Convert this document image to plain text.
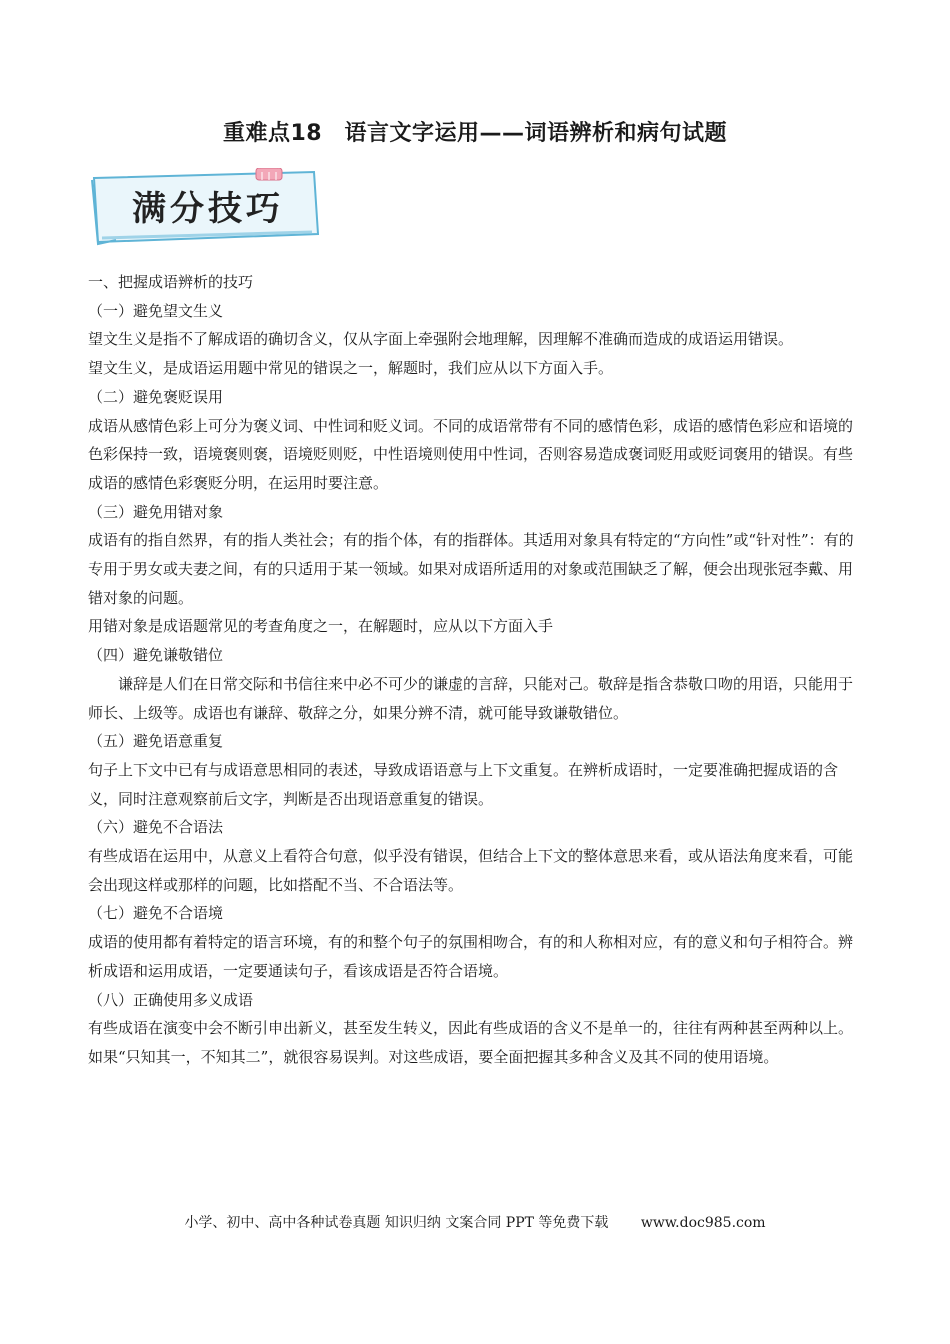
重难点18　语言文字运用——词语辨析和病句试题
满分技巧

一、把握成语辨析的技巧

（一）避免望文生义

望文生义是指不了解成语的确切含义，仅从字面上牵强附会地理解，因理解不准确而造成的成语运用错误。

望文生义，是成语运用题中常见的错误之一，解题时，我们应从以下方面入手。

（二）避免褒贬误用

成语从感情色彩上可分为褒义词、中性词和贬义词。不同的成语常带有不同的感情色彩，成语的感情色彩应和语境的色彩保持一致，语境褒则褒，语境贬则贬，中性语境则使用中性词，否则容易造成褒词贬用或贬词褒用的错误。有些成语的感情色彩褒贬分明，在运用时要注意。

（三）避免用错对象

成语有的指自然界，有的指人类社会；有的指个体，有的指群体。其适用对象具有特定的“方向性”或“针对性”：有的专用于男女或夫妻之间，有的只适用于某一领域。如果对成语所适用的对象或范围缺乏了解，便会出现张冠李戴、用错对象的问题。

用错对象是成语题常见的考查角度之一，在解题时，应从以下方面入手

（四）避免谦敬错位

谦辞是人们在日常交际和书信往来中必不可少的谦虚的言辞，只能对己。敬辞是指含恭敬口吻的用语，只能用于师长、上级等。成语也有谦辞、敬辞之分，如果分辨不清，就可能导致谦敬错位。

（五）避免语意重复

句子上下文中已有与成语意思相同的表述，导致成语语意与上下文重复。在辨析成语时，一定要准确把握成语的含义，同时注意观察前后文字，判断是否出现语意重复的错误。

（六）避免不合语法

有些成语在运用中，从意义上看符合句意，似乎没有错误，但结合上下文的整体意思来看，或从语法角度来看，可能会出现这样或那样的问题，比如搭配不当、不合语法等。

（七）避免不合语境

成语的使用都有着特定的语言环境，有的和整个句子的氛围相吻合，有的和人称相对应，有的意义和句子相符合。辨析成语和运用成语，一定要通读句子，看该成语是否符合语境。

（八）正确使用多义成语

有些成语在演变中会不断引申出新义，甚至发生转义，因此有些成语的含义不是单一的，往往有两种甚至两种以上。如果“只知其一，不知其二”，就很容易误判。对这些成语，要全面把握其多种含义及其不同的使用语境。

小学、初中、高中各种试卷真题 知识归纳 文案合同 PPT 等免费下载 www.doc985.com
